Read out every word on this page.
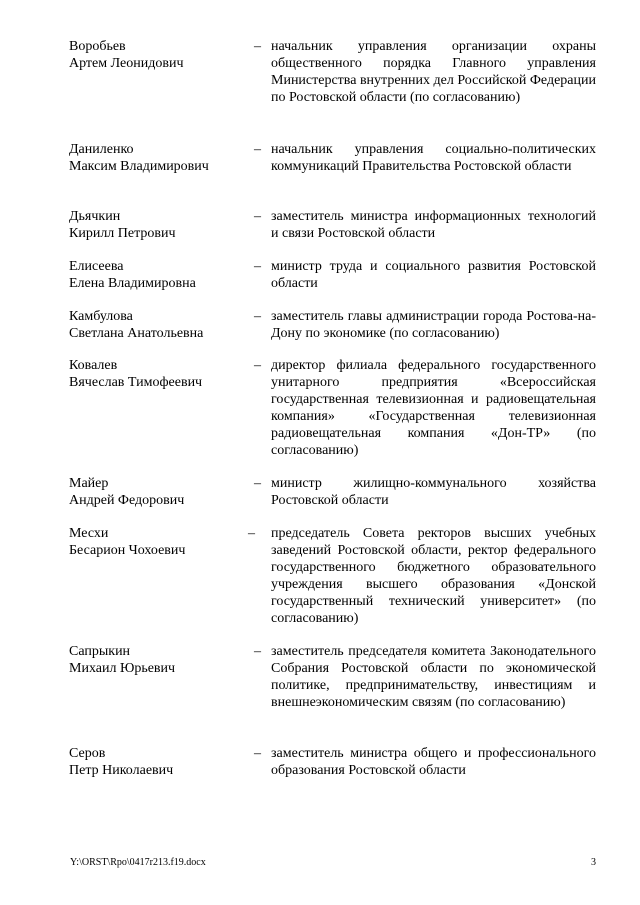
Воробьев
Артем Леонидович
– начальник управления организации охраны общественного порядка Главного управления Министерства внутренних дел Российской Федерации по Ростовской области (по согласованию)
Даниленко
Максим Владимирович
– начальник управления социально-политических коммуникаций Правительства Ростовской области
Дьячкин
Кирилл Петрович
– заместитель министра информационных технологий и связи Ростовской области
Елисеева
Елена Владимировна
– министр труда и социального развития Ростовской области
Камбулова
Светлана Анатольевна
– заместитель главы администрации города Ростова-на-Дону по экономике (по согласованию)
Ковалев
Вячеслав Тимофеевич
– директор филиала федерального государственного унитарного предприятия «Всероссийская государственная телевизионная и радиовещательная компания» «Государственная телевизионная радиовещательная компания «Дон-ТР» (по согласованию)
Майер
Андрей Федорович
– министр жилищно-коммунального хозяйства Ростовской области
Месхи
Бесарион Чохоевич
– председатель Совета ректоров высших учебных заведений Ростовской области, ректор федерального государственного бюджетного образовательного учреждения высшего образования «Донской государственный технический университет» (по согласованию)
Сапрыкин
Михаил Юрьевич
– заместитель председателя комитета Законодательного Собрания Ростовской области по экономической политике, предпринимательству, инвестициям и внешнеэкономическим связям (по согласованию)
Серов
Петр Николаевич
– заместитель министра общего и профессионального образования Ростовской области
Y:\ORST\Rpo\0417r213.f19.docx	3
